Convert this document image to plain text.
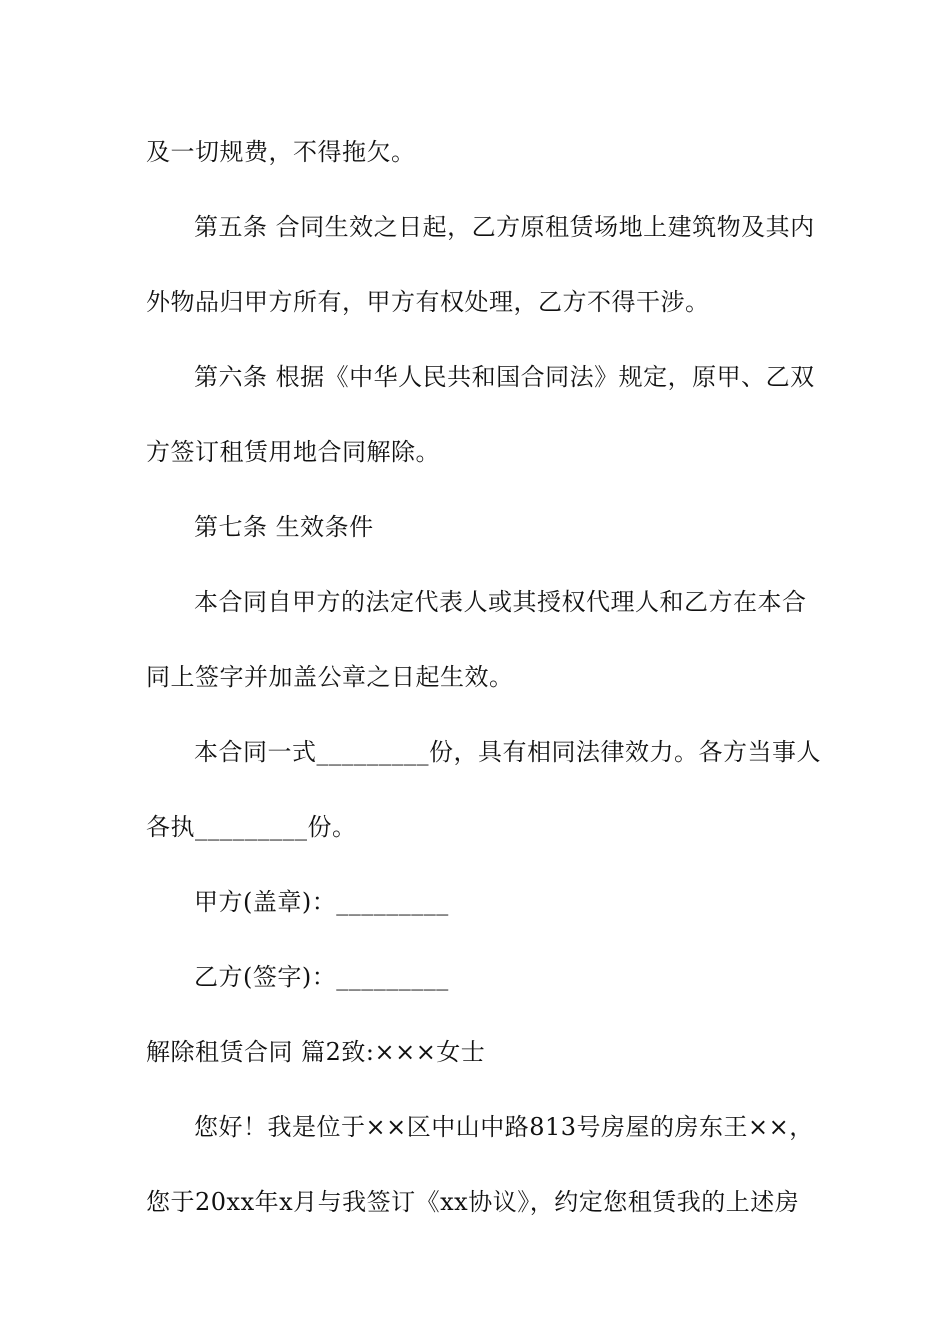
及一切规费，不得拖欠。
第五条 合同生效之日起，乙方原租赁场地上建筑物及其内
外物品归甲方所有，甲方有权处理，乙方不得干涉。
第六条 根据《中华人民共和国合同法》规定，原甲、乙双
方签订租赁用地合同解除。
第七条 生效条件
本合同自甲方的法定代表人或其授权代理人和乙方在本合
同上签字并加盖公章之日起生效。
本合同一式_________份，具有相同法律效力。各方当事人
各执_________份。
甲方(盖章)：_________
乙方(签字)：_________
解除租赁合同 篇2致:×××女士
您好！我是位于××区中山中路813号房屋的房东王××，
您于20xx年x月与我签订《xx协议》，约定您租赁我的上述房
